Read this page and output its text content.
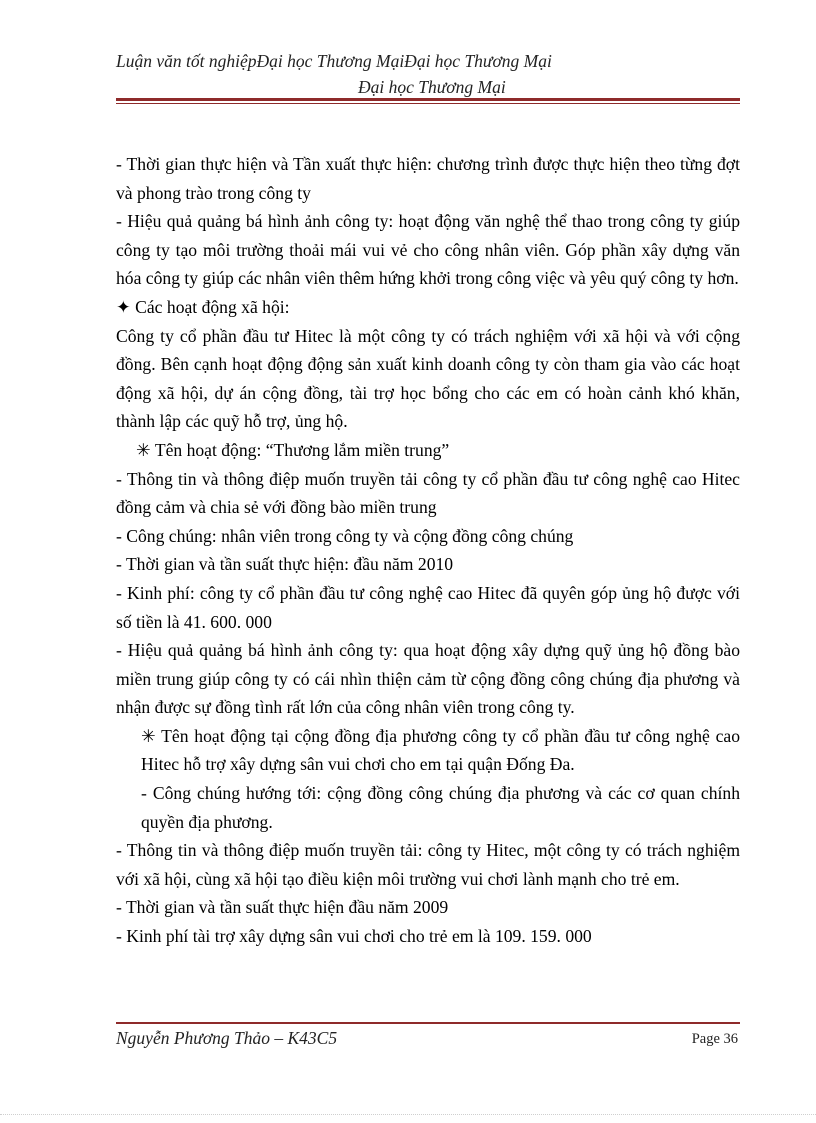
Luận văn tốt nghiệpĐại học Thương MạiĐại học Thương Mại
Đại học Thương Mại

- Thời gian thực hiện và Tần xuất thực hiện: chương trình được thực hiện theo từng đợt và phong trào trong công ty

- Hiệu quả quảng bá hình ảnh công ty: hoạt động văn nghệ thể thao trong công ty giúp công ty tạo môi trường thoải mái vui vẻ cho công nhân viên. Góp phần xây dựng văn hóa công ty giúp các nhân viên thêm hứng khởi trong công việc và yêu quý công ty hơn.

✦ Các hoạt động xã hội:

Công ty cổ phần đầu tư Hitec là một công ty có trách nghiệm với xã hội và với cộng đồng. Bên cạnh hoạt động động sản xuất kinh doanh công ty còn tham gia vào các hoạt động xã hội, dự án cộng đồng, tài trợ học bổng cho các em có hoàn cảnh khó khăn, thành lập các quỹ hỗ trợ, ủng hộ.

✳ Tên hoạt động: “Thương lắm miền trung”

- Thông tin và thông điệp muốn truyền tải công ty cổ phần đầu tư công nghệ cao Hitec đồng cảm và chia sẻ với đồng bào miền trung

- Công chúng: nhân viên trong công ty và cộng đồng công chúng

- Thời gian và tần suất thực hiện: đầu năm 2010

- Kinh phí: công ty cổ phần đầu tư công nghệ cao Hitec đã quyên góp ủng hộ được với số tiền là 41. 600. 000

- Hiệu quả quảng bá hình ảnh công ty: qua hoạt động xây dựng quỹ ủng hộ đồng bào miền trung giúp công ty có cái nhìn thiện cảm từ cộng đồng công chúng địa phương và nhận được sự đồng tình rất lớn của công nhân viên trong công ty.

✳ Tên hoạt động tại cộng đồng địa phương công ty cổ phần đầu tư công nghệ cao Hitec hỗ trợ xây dựng sân vui chơi cho em tại quận Đống Đa.

- Công chúng hướng tới: cộng đồng công chúng địa phương và các cơ quan chính quyền địa phương.

- Thông tin và thông điệp muốn truyền tải: công ty Hitec, một công ty có trách nghiệm với xã hội, cùng xã hội tạo điều kiện môi trường vui chơi lành mạnh cho trẻ em.

- Thời gian và tần suất thực hiện đầu năm 2009

- Kinh phí tài trợ xây dựng sân vui chơi cho trẻ em là 109. 159. 000

Nguyễn Phương Thảo – K43C5	Page 36
